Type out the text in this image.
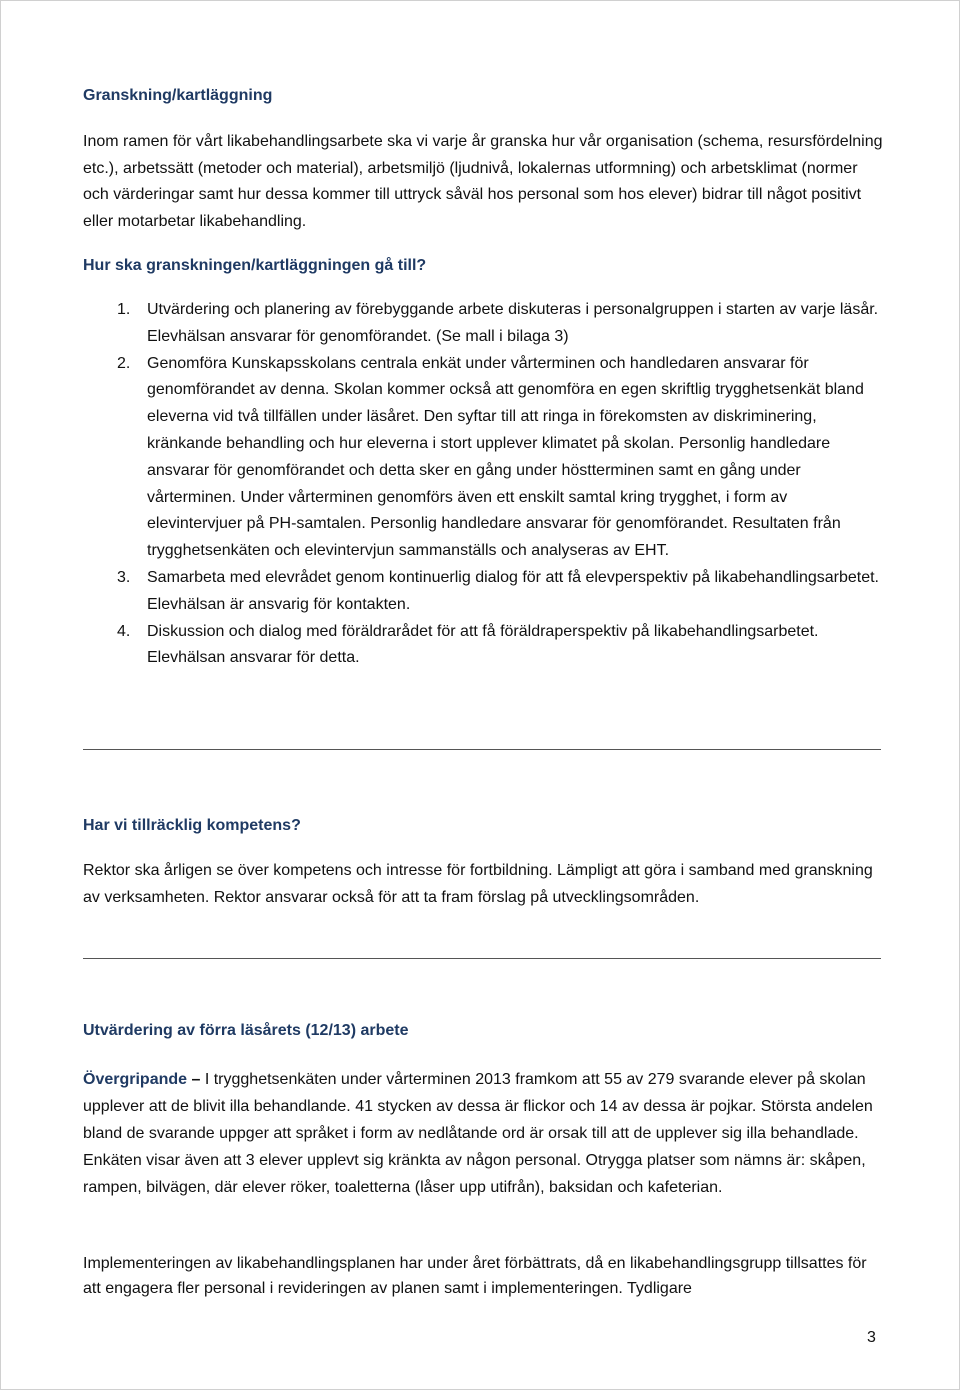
Granskning/kartläggning
Inom ramen för vårt likabehandlingsarbete ska vi varje år granska hur vår organisation (schema, resursfördelning etc.), arbetssätt (metoder och material), arbetsmiljö (ljudnivå, lokalernas utformning) och arbetsklimat (normer och värderingar samt hur dessa kommer till uttryck såväl hos personal som hos elever) bidrar till något positivt eller motarbetar likabehandling.
Hur ska granskningen/kartläggningen gå till?
1. Utvärdering och planering av förebyggande arbete diskuteras i personalgruppen i starten av varje läsår. Elevhälsan ansvarar för genomförandet. (Se mall i bilaga 3)
2. Genomföra Kunskapsskolans centrala enkät under vårterminen och handledaren ansvarar för genomförandet av denna. Skolan kommer också att genomföra en egen skriftlig trygghetsenkät bland eleverna vid två tillfällen under läsåret. Den syftar till att ringa in förekomsten av diskriminering, kränkande behandling och hur eleverna i stort upplever klimatet på skolan. Personlig handledare ansvarar för genomförandet och detta sker en gång under höstterminen samt en gång under vårterminen. Under vårterminen genomförs även ett enskilt samtal kring trygghet, i form av elevintervjuer på PH-samtalen. Personlig handledare ansvarar för genomförandet. Resultaten från trygghetsenkäten och elevintervjun sammanställs och analyseras av EHT.
3. Samarbeta med elevrådet genom kontinuerlig dialog för att få elevperspektiv på likabehandlingsarbetet. Elevhälsan är ansvarig för kontakten.
4. Diskussion och dialog med föräldrarådet för att få föräldraperspektiv på likabehandlingsarbetet. Elevhälsan ansvarar för detta.
Har vi tillräcklig kompetens?
Rektor ska årligen se över kompetens och intresse för fortbildning. Lämpligt att göra i samband med granskning av verksamheten. Rektor ansvarar också för att ta fram förslag på utvecklingsområden.
Utvärdering av förra läsårets (12/13) arbete
Övergripande – I trygghetsenkäten under vårterminen 2013 framkom att 55 av 279 svarande elever på skolan upplever att de blivit illa behandlande. 41 stycken av dessa är flickor och 14 av dessa är pojkar. Största andelen bland de svarande uppger att språket i form av nedlåtande ord är orsak till att de upplever sig illa behandlade. Enkäten visar även att 3 elever upplevt sig kränkta av någon personal. Otrygga platser som nämns är: skåpen, rampen, bilvägen, där elever röker, toaletterna (låser upp utifrån), baksidan och kafeterian.
Implementeringen av likabehandlingsplanen har under året förbättrats, då en likabehandlingsgrupp tillsattes för att engagera fler personal i revideringen av planen samt i implementeringen. Tydligare
3
